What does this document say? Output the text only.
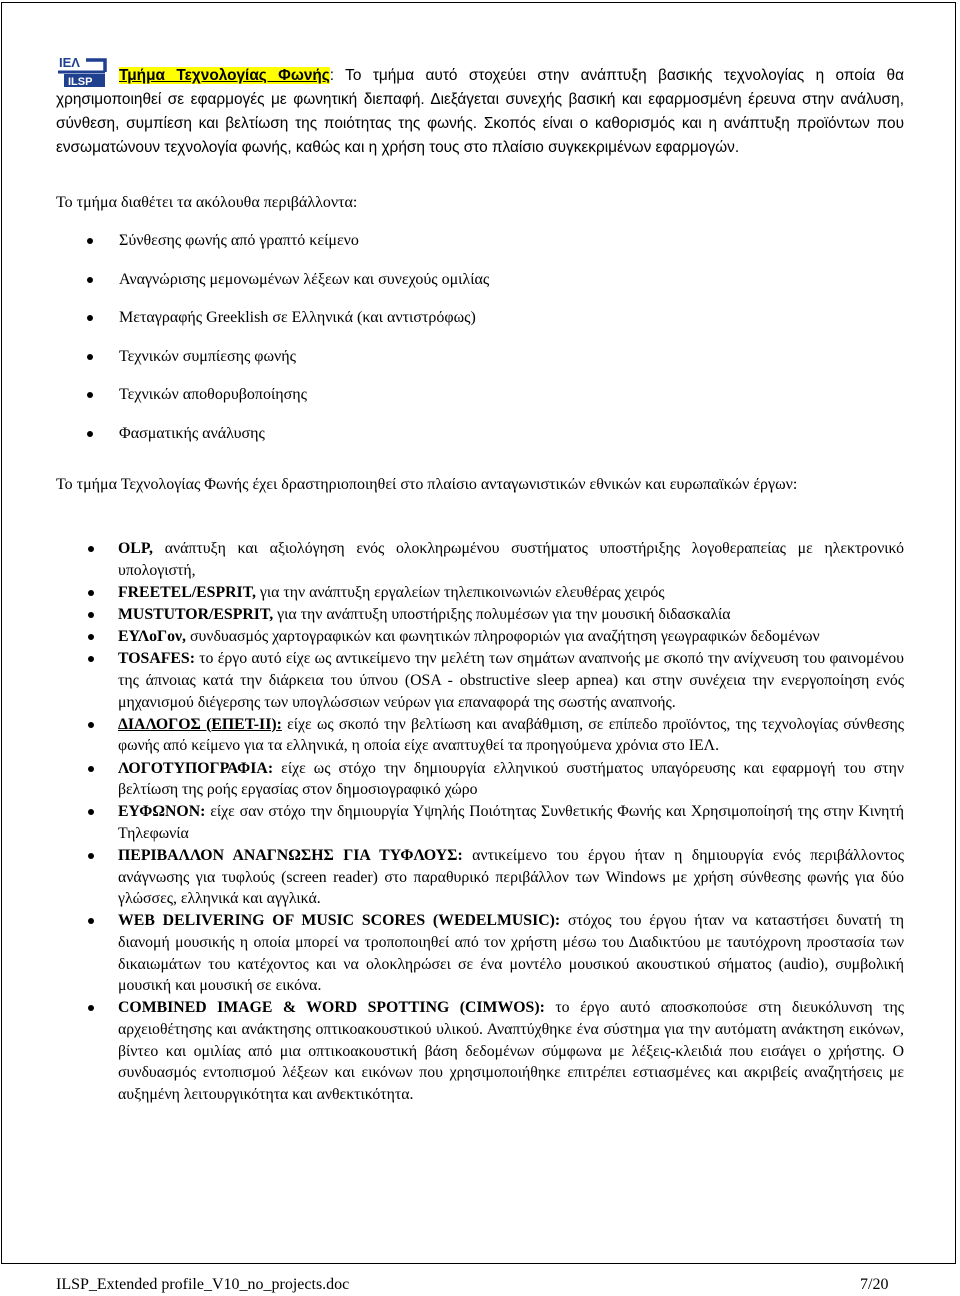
ΙΕΛ
ILSP	Τμήμα Τεχνολογίας Φωνής: Το τμήμα αυτό στοχεύει στην ανάπτυξη βασικής τεχνολογίας η οποία θα χρησιμοποιηθεί σε εφαρμογές με φωνητική διεπαφή. Διεξάγεται συνεχής βασική και εφαρμοσμένη έρευνα στην ανάλυση, σύνθεση, συμπίεση και βελτίωση της ποιότητας της φωνής. Σκοπός είναι ο καθορισμός και η ανάπτυξη προϊόντων που ενσωματώνουν τεχνολογία φωνής, καθώς και η χρήση τους στο πλαίσιο συγκεκριμένων εφαρμογών.
Το τμήμα διαθέτει τα ακόλουθα περιβάλλοντα:
Σύνθεσης φωνής από γραπτό κείμενο
Αναγνώρισης μεμονωμένων λέξεων και συνεχούς ομιλίας
Μεταγραφής Greeklish σε Ελληνικά (και αντιστρόφως)
Τεχνικών συμπίεσης φωνής
Τεχνικών αποθορυβοποίησης
Φασματικής ανάλυσης
Το τμήμα Τεχνολογίας Φωνής έχει δραστηριοποιηθεί στο πλαίσιο ανταγωνιστικών εθνικών και ευρωπαϊκών έργων:
OLP, ανάπτυξη και αξιολόγηση ενός ολοκληρωμένου συστήματος υποστήριξης λογοθεραπείας με ηλεκτρονικό υπολογιστή,
FREETEL/ESPRIT, για την ανάπτυξη εργαλείων τηλεπικοινωνιών ελευθέρας χειρός
MUSTUTOR/ESPRIT, για την ανάπτυξη υποστήριξης πολυμέσων για την μουσική διδασκαλία
ΕΥΛοΓον, συνδυασμός χαρτογραφικών και φωνητικών πληροφοριών για αναζήτηση γεωγραφικών δεδομένων
TOSAFES: το έργο αυτό είχε ως αντικείμενο την μελέτη των σημάτων αναπνοής με σκοπό την ανίχνευση του φαινομένου της άπνοιας κατά την διάρκεια του ύπνου (OSA - obstructive sleep apnea) και στην συνέχεια την ενεργοποίηση ενός μηχανισμού διέγερσης των υπογλώσσιων νεύρων για επαναφορά της σωστής αναπνοής.
ΔΙΑΛΟΓΟΣ (ΕΠΕΤ-ΙΙ): είχε ως σκοπό την βελτίωση και αναβάθμιση, σε επίπεδο προϊόντος, της τεχνολογίας σύνθεσης φωνής από κείμενο για τα ελληνικά, η οποία είχε αναπτυχθεί τα προηγούμενα χρόνια στο ΙΕΛ.
ΛΟΓΟΤΥΠΟΓΡΑΦΙΑ: είχε ως στόχο την δημιουργία ελληνικού συστήματος υπαγόρευσης και εφαρμογή του στην βελτίωση της ροής εργασίας στον δημοσιογραφικό χώρο
ΕΥΦΩΝΟΝ: είχε σαν στόχο την δημιουργία Υψηλής Ποιότητας Συνθετικής Φωνής και Χρησιμοποίησή της στην Κινητή Τηλεφωνία
ΠΕΡΙΒΑΛΛΟΝ ΑΝΑΓΝΩΣΗΣ ΓΙΑ ΤΥΦΛΟΥΣ: αντικείμενο του έργου ήταν η δημιουργία ενός περιβάλλοντος ανάγνωσης για τυφλούς (screen reader) στο παραθυρικό περιβάλλον των Windows με χρήση σύνθεσης φωνής για δύο γλώσσες, ελληνικά και αγγλικά.
WEB DELIVERING OF MUSIC SCORES (WEDELMUSIC): στόχος του έργου ήταν να καταστήσει δυνατή τη διανομή μουσικής η οποία μπορεί να τροποποιηθεί από τον χρήστη μέσω του Διαδικτύου με ταυτόχρονη προστασία των δικαιωμάτων του κατέχοντος και να ολοκληρώσει σε ένα μοντέλο μουσικού ακουστικού σήματος (audio), συμβολική μουσική και μουσική σε εικόνα.
COMBINED IMAGE & WORD SPOTTING (CIMWOS): το έργο αυτό αποσκοπούσε στη διευκόλυνση της αρχειοθέτησης και ανάκτησης οπτικοακουστικού υλικού. Αναπτύχθηκε ένα σύστημα για την αυτόματη ανάκτηση εικόνων, βίντεο και ομιλίας από μια οπτικοακουστική βάση δεδομένων σύμφωνα με λέξεις-κλειδιά που εισάγει ο χρήστης. Ο συνδυασμός εντοπισμού λέξεων και εικόνων που χρησιμοποιήθηκε επιτρέπει εστιασμένες και ακριβείς αναζητήσεις με αυξημένη λειτουργικότητα και ανθεκτικότητα.
ILSP_Extended profile_V10_no_projects.doc	7/20
